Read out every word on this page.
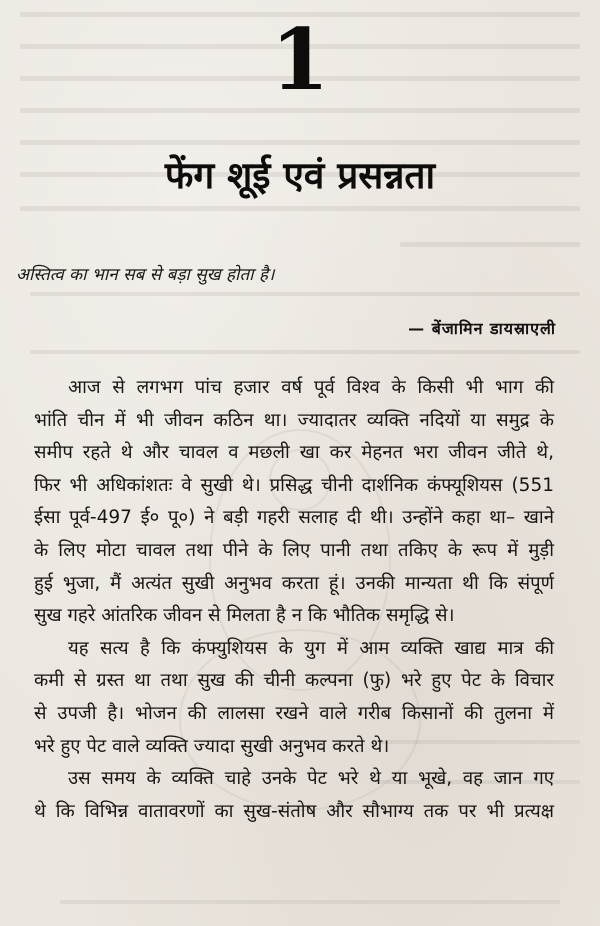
1
फेंग शूई एवं प्रसन्नता
अस्तित्व का भान सब से बड़ा सुख होता है।
— बेंजामिन डायस्राएली

आज से लगभग पांच हजार वर्ष पूर्व विश्व के किसी भी भाग की
भांति चीन में भी जीवन कठिन था। ज्यादातर व्यक्ति नदियों या समुद्र के
समीप रहते थे और चावल व मछली खा कर मेहनत भरा जीवन जीते थे,
फिर भी अधिकांशतः वे सुखी थे। प्रसिद्ध चीनी दार्शनिक कंफ्यूशियस (551
ईसा पूर्व-497 ई० पू०) ने बड़ी गहरी सलाह दी थी। उन्होंने कहा था– खाने
के लिए मोटा चावल तथा पीने के लिए पानी तथा तकिए के रूप में मुड़ी
हुई भुजा, मैं अत्यंत सुखी अनुभव करता हूं। उनकी मान्यता थी कि संपूर्ण
सुख गहरे आंतरिक जीवन से मिलता है न कि भौतिक समृद्धि से।

यह सत्य है कि कंफ्युशियस के युग में आम व्यक्ति खाद्य मात्र की
कमी से ग्रस्त था तथा सुख की चीनी कल्पना (फु) भरे हुए पेट के विचार
से उपजी है। भोजन की लालसा रखने वाले गरीब किसानों की तुलना में
भरे हुए पेट वाले व्यक्ति ज्यादा सुखी अनुभव करते थे।

उस समय के व्यक्ति चाहे उनके पेट भरे थे या भूखे, वह जान गए
थे कि विभिन्न वातावरणों का सुख-संतोष और सौभाग्य तक पर भी प्रत्यक्ष
